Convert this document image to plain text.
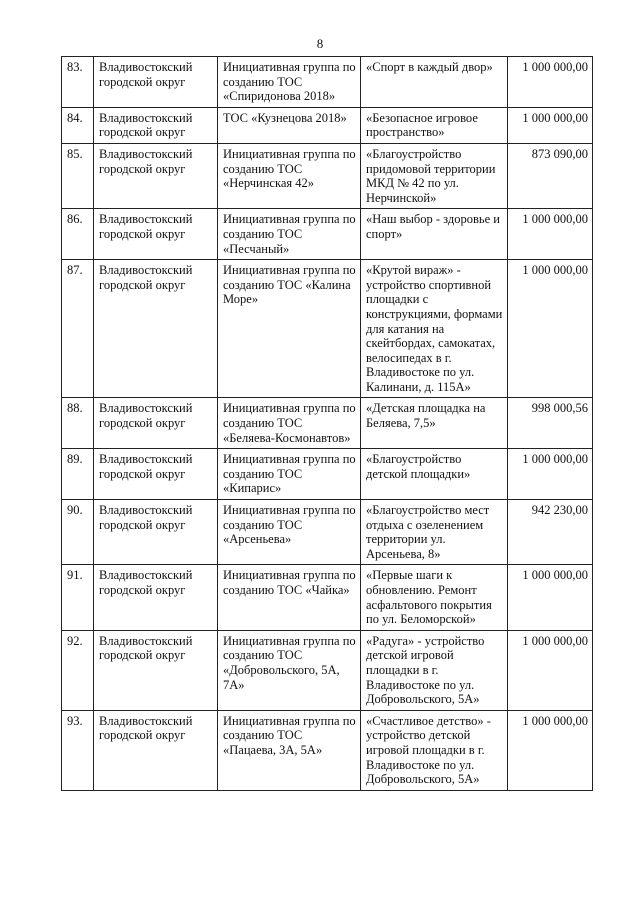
8
83.	Владивостокский городской округ	Инициативная группа по созданию ТОС «Спиридонова 2018»	«Спорт в каждый двор»	1 000 000,00
84.	Владивостокский городской округ	ТОС «Кузнецова 2018»	«Безопасное игровое пространство»	1 000 000,00
85.	Владивостокский городской округ	Инициативная группа по созданию ТОС «Нерчинская 42»	«Благоустройство придомовой территории МКД № 42 по ул. Нерчинской»	873 090,00
86.	Владивостокский городской округ	Инициативная группа по созданию ТОС «Песчаный»	«Наш выбор - здоровье и спорт»	1 000 000,00
87.	Владивостокский городской округ	Инициативная группа по созданию ТОС «Калина Море»	«Крутой вираж» - устройство спортивной площадки с конструкциями, формами для катания на скейтбордах, самокатах, велосипедах в г. Владивостоке по ул. Калинани, д. 115А»	1 000 000,00
88.	Владивостокский городской округ	Инициативная группа по созданию ТОС «Беляева-Космонавтов»	«Детская площадка на Беляева, 7,5»	998 000,56
89.	Владивостокский городской округ	Инициативная группа по созданию ТОС «Кипарис»	«Благоустройство детской площадки»	1 000 000,00
90.	Владивостокский городской округ	Инициативная группа по созданию ТОС «Арсеньева»	«Благоустройство мест отдыха с озеленением территории ул. Арсеньева, 8»	942 230,00
91.	Владивостокский городской округ	Инициативная группа по созданию ТОС «Чайка»	«Первые шаги к обновлению. Ремонт асфальтового покрытия по ул. Беломорской»	1 000 000,00
92.	Владивостокский городской округ	Инициативная группа по созданию ТОС «Добровольского, 5А, 7А»	«Радуга» - устройство детской игровой площадки в г. Владивостоке по ул. Добровольского, 5А»	1 000 000,00
93.	Владивостокский городской округ	Инициативная группа по созданию ТОС «Пацаева, 3А, 5А»	«Счастливое детство» - устройство детской игровой площадки в г. Владивостоке по ул. Добровольского, 5А»	1 000 000,00
